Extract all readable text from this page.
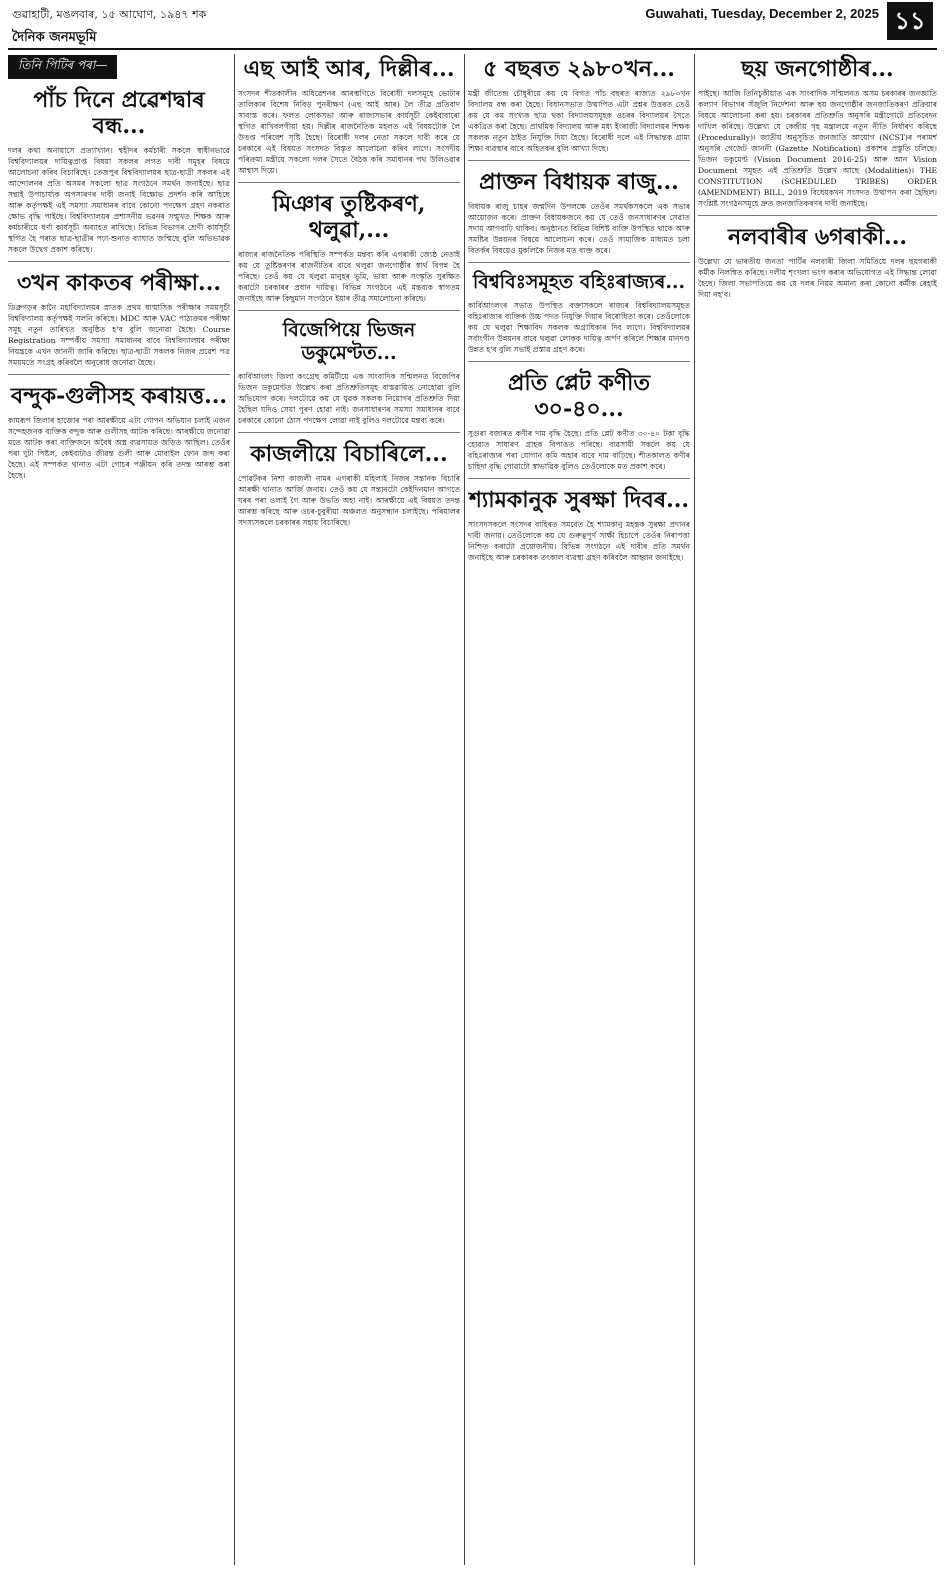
গুৱাহাটী, মঙলবাৰ, ১৫ আঘোণ, ১৯৪৭ শক	Guwahati, Tuesday, December 2, 2025
দৈনিক জনমভূমি
১১
তিনি পিটিৰ পৰা—
পাঁচ দিনে প্ৰৱেশদ্বাৰ বন্ধ...

দলৰ কথা অনায়াসে প্ৰত্যাখ্যান। শ্বহীদৰ কৰ্মচাৰী সকলে স্বাধীনভাৱে বিশ্ববিদ্যালয়ৰ দায়িত্বপ্ৰাপ্ত বিষয়া সকলৰ লগত দাবী সমূহৰ বিষয়ে আলোচনা কৰিব বিচাৰিছে। তেজপুৰ বিশ্ববিদ্যালয়ৰ ছাত্ৰ-ছাত্ৰী সকলৰ এই আন্দোলনৰ প্ৰতি অসমৰ সকলো ছাত্ৰ সংগঠনে সমৰ্থন জনাইছে। ছাত্ৰ সন্থাই উপাচাৰ্য্যক অপসাৰণৰ দাবী জনাই বিক্ষোভ প্ৰদৰ্শন কৰি আহিছে আৰু কৰ্তৃপক্ষই এই সমস্যা সমাধানৰ বাবে কোনো পদক্ষেপ গ্ৰহণ নকৰাত ক্ষোভ বৃদ্ধি পাইছে। বিশ্ববিদ্যালয়ৰ প্ৰশাসনীয় ভৱনৰ সন্মুখত শিক্ষক আৰু কৰ্মচাৰীয়ে ধৰ্ণা কাৰ্যসূচী অব্যাহত ৰাখিছে। বিভিন্ন বিভাগৰ শ্ৰেণী কাৰ্যসূচী স্থগিত হৈ পৰাত ছাত্ৰ-ছাত্ৰীৰ পঢ়া-শুনাত ব্যাঘাত জন্মিছে বুলি অভিভাৱক সকলে উদ্বেগ প্ৰকাশ কৰিছে।

৩খন কাকতৰ পৰীক্ষা...

ডিব্ৰুগড়ৰ কানৈ মহাবিদ্যালয়ৰ স্নাতক প্ৰথম ষাণ্মাসিক পৰীক্ষাৰ সময়সূচী বিশ্ববিদ্যালয় কৰ্তৃপক্ষই সলনি কৰিছে। MDC আৰু VAC পাঠ্যক্ৰমৰ পৰীক্ষা সমূহ নতুন তাৰিখত অনুষ্ঠিত হ'ব বুলি জনোৱা হৈছে। Course Registration সম্পৰ্কীয় সমস্যা সমাধানৰ বাবে বিশ্ববিদ্যালয়ৰ পৰীক্ষা নিয়ন্ত্ৰকে এখন জাননী জাৰি কৰিছে। ছাত্ৰ-ছাত্ৰী সকলক নিজৰ প্ৰৱেশ পত্ৰ সময়মতে সংগ্ৰহ কৰিবলৈ অনুৰোধ জনোৱা হৈছে।

বন্দুক-গুলীসহ কৰায়ত্ত...

কামৰূপ জিলাৰ হাজোৰ পৰা আৰক্ষীয়ে এটা গোপন অভিযান চলাই এজন সন্দেহজনক ব্যক্তিক বন্দুক আৰু গুলীসহ আটক কৰিছে। আৰক্ষীয়ে জনোৱা মতে আটক কৰা ব্যক্তিজনে অবৈধ অস্ত্ৰ ব্যৱসায়ত জড়িত আছিল। তেওঁৰ পৰা দুটা পিষ্টল, কেইবাটাও জীৱন্ত গুলী আৰু মোবাইল ফোন জব্দ কৰা হৈছে। এই সম্পৰ্কত থানাত এটা গোচৰ পঞ্জীয়ন কৰি তদন্ত আৰম্ভ কৰা হৈছে।

এছ আই আৰ, দিল্লীৰ...

সংসদৰ শীতকালীন অধিৱেশনৰ আৰম্ভণিতে বিৰোধী দলসমূহে ভোটাৰ তালিকাৰ বিশেষ নিবিড় পুনৰীক্ষণ (এছ আই আৰ) লৈ তীব্ৰ প্ৰতিবাদ সাব্যস্ত কৰে। ফলত লোকসভা আৰু ৰাজ্যসভাৰ কাৰ্যসূচী কেইবাবাৰো স্থগিত ৰাখিবলগীয়া হয়। দিল্লীৰ ৰাজনৈতিক মহলত এই বিষয়টোক লৈ উত্তপ্ত পৰিবেশ সৃষ্টি হৈছে। বিৰোধী দলৰ নেতা সকলে দাবী কৰে যে চৰকাৰে এই বিষয়ত সংসদত বিস্তৃত আলোচনা কৰিব লাগে। সংসদীয় পৰিক্ৰমা মন্ত্ৰীয়ে সকলো দলৰ সৈতে বৈঠক কৰি সমাধানৰ পথ উলিওৱাৰ আশ্বাস দিয়ে।

মিঞাৰ তুষ্টিকৰণ, থলুৱা,...

ৰাজ্যৰ ৰাজনৈতিক পৰিস্থিতি সম্পৰ্কত মন্তব্য কৰি এগৰাকী জ্যেষ্ঠ নেতাই কয় যে তুষ্টিকৰণৰ ৰাজনীতিৰ বাবে থলুৱা জনগোষ্ঠীৰ স্বাৰ্থ বিপন্ন হৈ পৰিছে। তেওঁ কয় যে থলুৱা মানুহৰ ভূমি, ভাষা আৰু সংস্কৃতি সুৰক্ষিত কৰাটো চৰকাৰৰ প্ৰধান দায়িত্ব। বিভিন্ন সংগঠনে এই মন্তব্যক স্বাগতম জনাইছে আৰু কিছুমান সংগঠনে ইয়াৰ তীব্ৰ সমালোচনা কৰিছে।

বিজেপিয়ে ভিজন ডকুমেণ্টত...

কাৰ্বিআংলং জিলা কংগ্ৰেছ কমিটীয়ে এক সাংবাদিক সন্মিলনত বিজেপিৰ ভিজন ডকুমেণ্টত উল্লেখ কৰা প্ৰতিশ্ৰুতিসমূহ বাস্তৱায়িত নোহোৱা বুলি অভিযোগ কৰে। দলটোৱে কয় যে যুৱক সকলক নিয়োগৰ প্ৰতিশ্ৰুতি দিয়া হৈছিল যদিও সেয়া পূৰণ হোৱা নাই। জনসাধাৰণৰ সমস্যা সমাধানৰ বাবে চৰকাৰে কোনো ঠোস পদক্ষেপ লোৱা নাই বুলিও দলটোৱে মন্তব্য কৰে।

কাজলীয়ে বিচাৰিলে...

পোৱৰ্টকৰ নিশা কাজলী নামৰ এগৰাকী মহিলাই নিজৰ সন্তানক বিচাৰি আৰক্ষী থানাত আৰ্জি জনায়। তেওঁ কয় যে সন্তানটো কেইদিনমান আগতে ঘৰৰ পৰা ওলাই গৈ আৰু উভতি অহা নাই। আৰক্ষীয়ে এই বিষয়ত তদন্ত আৰম্ভ কৰিছে আৰু ওচৰ-চুবুৰীয়া অঞ্চলত অনুসন্ধান চলাইছে। পৰিয়ালৰ সদস্যসকলে চৰকাৰৰ সহায় বিচাৰিছে।

৫ বছৰত ২৯৮০খন...

মন্ত্ৰী জীতেন্দ্ৰ চৌধুৰীয়ে কয় যে বিগত পাঁচ বছৰত ৰাজ্যত ২৯৮০খন বিদ্যালয় বন্ধ কৰা হৈছে। বিধানসভাত উত্থাপিত এটা প্ৰশ্নৰ উত্তৰত তেওঁ কয় যে কম সংখ্যক ছাত্ৰ থকা বিদ্যালয়সমূহক ওচৰৰ বিদ্যালয়ৰ সৈতে একত্ৰিত কৰা হৈছে। প্ৰাথমিক বিদ্যালয় আৰু মধ্য ইংৰাজী বিদ্যালয়ৰ শিক্ষক সকলক নতুন ঠাইত নিযুক্তি দিয়া হৈছে। বিৰোধী দলে এই সিদ্ধান্তক গ্ৰাম্য শিক্ষা ব্যৱস্থাৰ বাবে অহিতকৰ বুলি আখ্যা দিছে।

প্ৰাক্তন বিধায়ক ৰাজু...

বিধায়ক ৰাজু চাহৰ জন্মদিন উপলক্ষে তেওঁৰ সমৰ্থকসকলে এক সভাৰ আয়োজন কৰে। প্ৰাক্তন বিধায়কজনে কয় যে তেওঁ জনসাধাৰণৰ সেৱাত সদায় আগবাঢ়ি থাকিব। অনুষ্ঠানত বিভিন্ন বিশিষ্ট ব্যক্তি উপস্থিত থাকে আৰু সমষ্টিৰ উন্নয়নৰ বিষয়ে আলোচনা কৰে। তেওঁ সামাজিক মাধ্যমত চলা বিতৰ্কৰ বিষয়েও মুকলিকৈ নিজৰ মত ব্যক্ত কৰে।

বিশ্ববিঃসমূহত বহিঃৰাজ্যৰ...

কাৰ্বিআংলংৰ সভাত উপস্থিত বক্তাসকলে ৰাজ্যৰ বিশ্ববিদ্যালয়সমূহত বহিঃৰাজ্যৰ ব্যক্তিক উচ্চ পদত নিযুক্তি দিয়াৰ বিৰোধিতা কৰে। তেওঁলোকে কয় যে থলুৱা শিক্ষাবিদ সকলক অগ্ৰাধিকাৰ দিব লাগে। বিশ্ববিদ্যালয়ৰ সৰ্বাংগীন উন্নয়নৰ বাবে থলুৱা লোকক দায়িত্ব অৰ্পণ কৰিলে শিক্ষাৰ মানদণ্ড উন্নত হ'ব বুলি সভাই প্ৰস্তাৱ গ্ৰহণ কৰে।

প্ৰতি প্লেট কণীত ৩০-৪০...

সুগুৰা বজাৰত কণীৰ দাম বৃদ্ধি হৈছে। প্ৰতি প্লেট কণীত ৩০-৪০ টকা বৃদ্ধি হোৱাত সাধাৰণ গ্ৰাহক বিপাঙত পৰিছে। ব্যৱসায়ী সকলে কয় যে বহিঃৰাজ্যৰ পৰা যোগান কমি অহাৰ বাবে দাম বাঢ়িছে। শীতকালত কণীৰ চাহিদা বৃদ্ধি পোৱাটো স্বাভাৱিক বুলিও তেওঁলোকে মত প্ৰকাশ কৰে।

শ্যামকানুক সুৰক্ষা দিবৰ...

সাংসদসকলে সংসদৰ বাহিৰত সমবেত হৈ শ্যামকানু মহন্তক সুৰক্ষা প্ৰদানৰ দাবী জনায়। তেওঁলোকে কয় যে গুৰুত্বপূৰ্ণ সাক্ষী হিচাপে তেওঁৰ নিৰাপত্তা নিশ্চিত কৰাটো প্ৰয়োজনীয়। বিভিন্ন সংগঠনে এই দাবীৰ প্ৰতি সমৰ্থন জনাইছে আৰু চৰকাৰক তৎকাল ব্যৱস্থা গ্ৰহণ কৰিবলৈ আহ্বান জনাইছে।

ছয় জনগোষ্ঠীৰ...

পাইছে। আজি তিনিচুকীয়াত এক সাংবাদিক সন্মিলনত অসম চৰকাৰৰ জনজাতি কল্যাণ বিভাগৰ সঁজুলি নিৰ্দেশনা আৰু ছয় জনগোষ্ঠীৰ জনজাতিকৰণ প্ৰক্ৰিয়াৰ বিষয়ে আলোচনা কৰা হয়। চৰকাৰৰ প্ৰতিশ্ৰুতি অনুসৰি মন্ত্ৰীগোটে প্ৰতিবেদন দাখিল কৰিছে। উল্লেখ্য যে কেন্দ্ৰীয় গৃহ মন্ত্ৰালয়ে নতুন নীতি নিৰ্ধাৰণ কৰিছে (Procedurally)। জাতীয় অনুসূচিত জনজাতি আয়োগ (NCST)ৰ পৰামৰ্শ অনুসৰি গেজেট জাননী (Gazette Notification) প্ৰকাশৰ প্ৰস্তুতি চলিছে। ভিজন ডকুমেণ্ট (Vision Document 2016-25) আৰু আন Vision Document সমূহত এই প্ৰতিশ্ৰুতি উল্লেখ আছে (Modalities)। THE CONSTITUTION (SCHEDULED TRIBES) ORDER (AMENDMENT) BILL, 2019 বিধেয়কখন সংসদত উত্থাপন কৰা হৈছিল। সংশ্লিষ্ট সংগঠনসমূহে দ্ৰুত জনজাতিকৰণৰ দাবী জনাইছে।

নলবাৰীৰ ৬গৰাকী...

উল্লেখ্য যে ভাৰতীয় জনতা পাৰ্টিৰ নলবাৰী জিলা সমিতিয়ে দলৰ ছয়গৰাকী কৰ্মীক নিলম্বিত কৰিছে। দলীয় শৃংখলা ভংগ কৰাৰ অভিযোগত এই সিদ্ধান্ত লোৱা হৈছে। জিলা সভাপতিয়ে কয় যে দলৰ নিয়ম অমান্য কৰা কোনো কৰ্মীক ৰেহাই দিয়া নহ'ব।
